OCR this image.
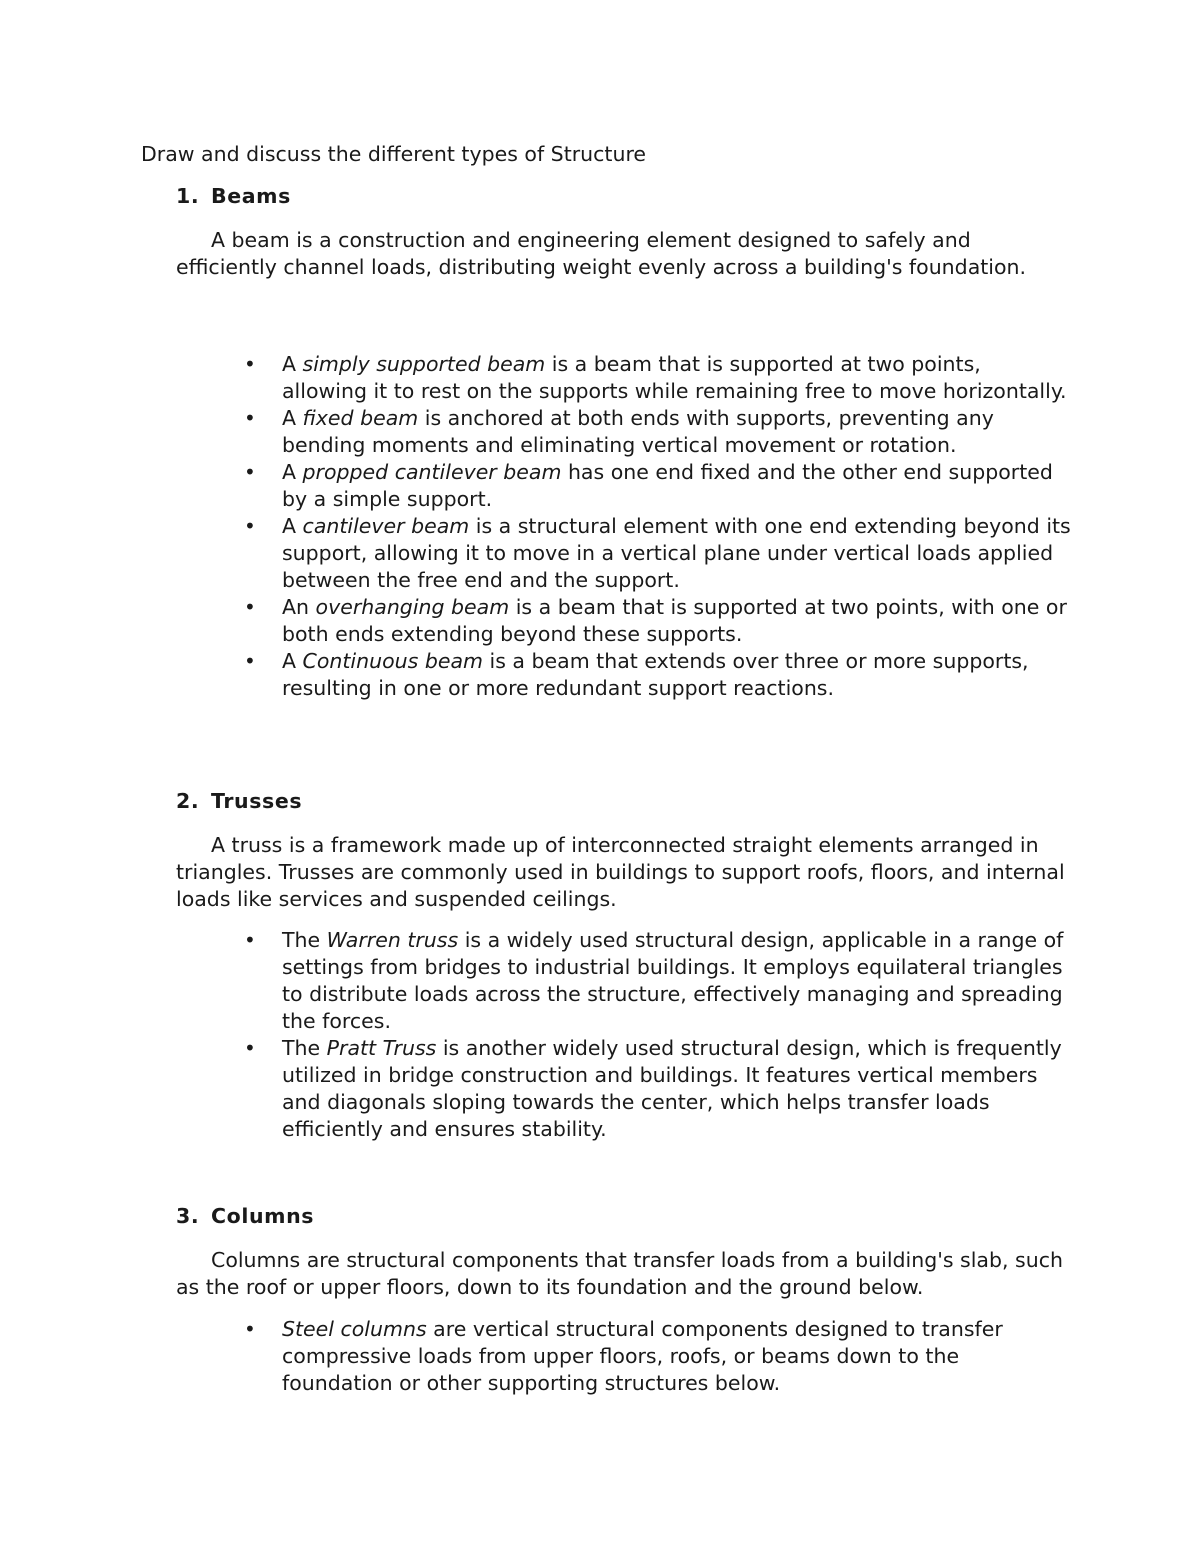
Draw and discuss the different types of Structure
1. Beams

A beam is a construction and engineering element designed to safely and efficiently channel loads, distributing weight evenly across a building's foundation.

• A simply supported beam is a beam that is supported at two points, allowing it to rest on the supports while remaining free to move horizontally.
• A fixed beam is anchored at both ends with supports, preventing any bending moments and eliminating vertical movement or rotation.
• A propped cantilever beam has one end fixed and the other end supported by a simple support.
• A cantilever beam is a structural element with one end extending beyond its support, allowing it to move in a vertical plane under vertical loads applied between the free end and the support.
• An overhanging beam is a beam that is supported at two points, with one or both ends extending beyond these supports.
• A Continuous beam is a beam that extends over three or more supports, resulting in one or more redundant support reactions.
2. Trusses

A truss is a framework made up of interconnected straight elements arranged in triangles. Trusses are commonly used in buildings to support roofs, floors, and internal loads like services and suspended ceilings.

• The Warren truss is a widely used structural design, applicable in a range of settings from bridges to industrial buildings. It employs equilateral triangles to distribute loads across the structure, effectively managing and spreading the forces.
• The Pratt Truss is another widely used structural design, which is frequently utilized in bridge construction and buildings. It features vertical members and diagonals sloping towards the center, which helps transfer loads efficiently and ensures stability.
3. Columns

Columns are structural components that transfer loads from a building's slab, such as the roof or upper floors, down to its foundation and the ground below.

• Steel columns are vertical structural components designed to transfer compressive loads from upper floors, roofs, or beams down to the foundation or other supporting structures below.
